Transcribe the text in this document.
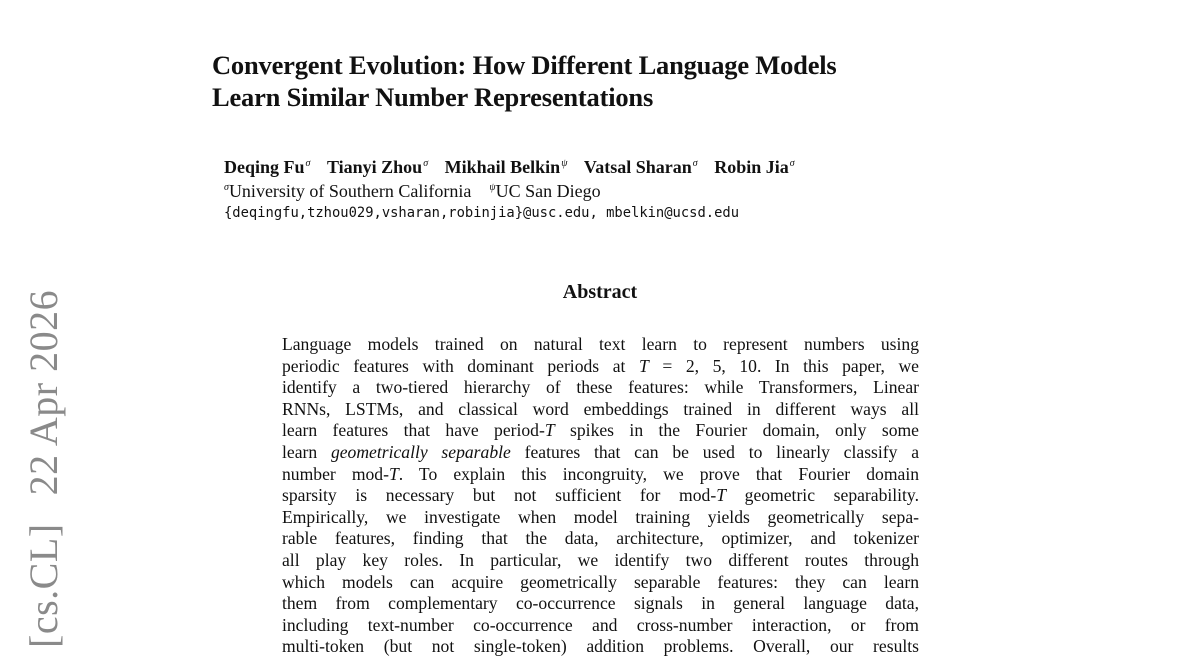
Convergent Evolution: How Different Language Models
Learn Similar Number Representations
Deqing $Fu^\sigma$ Tianyi Zhou$^\sigma$ Mikhail Belkin$^\psi$ Vatsal Sharan$^\sigma$ Robin Jia$^\sigma$
$^\sigma$University of Southern California $^\psi$UC San Diego
{deqingfu,tzhou029,vsharan,robinjia}@usc.edu, mbelkin@ucsd.edu
Abstract
Language models trained on natural text learn to represent numbers using
periodic features with dominant periods at T = 2, 5, 10. In this paper, we
identify a two-tiered hierarchy of these features: while Transformers, Linear
RNNs, LSTMs, and classical word embeddings trained in different ways all
learn features that have period-T spikes in the Fourier domain, only some
learn geometrically separable features that can be used to linearly classify a
number mod-T. To explain this incongruity, we prove that Fourier domain
sparsity is necessary but not sufficient for mod-T geometric separability.
Empirically, we investigate when model training yields geometrically sepa-
rable features, finding that the data, architecture, optimizer, and tokenizer
all play key roles. In particular, we identify two different routes through
which models can acquire geometrically separable features: they can learn
them from complementary co-occurrence signals in general language data,
including text-number co-occurrence and cross-number interaction, or from
multi-token (but not single-token) addition problems. Overall, our results
[cs.CL]22 Apr 2026
